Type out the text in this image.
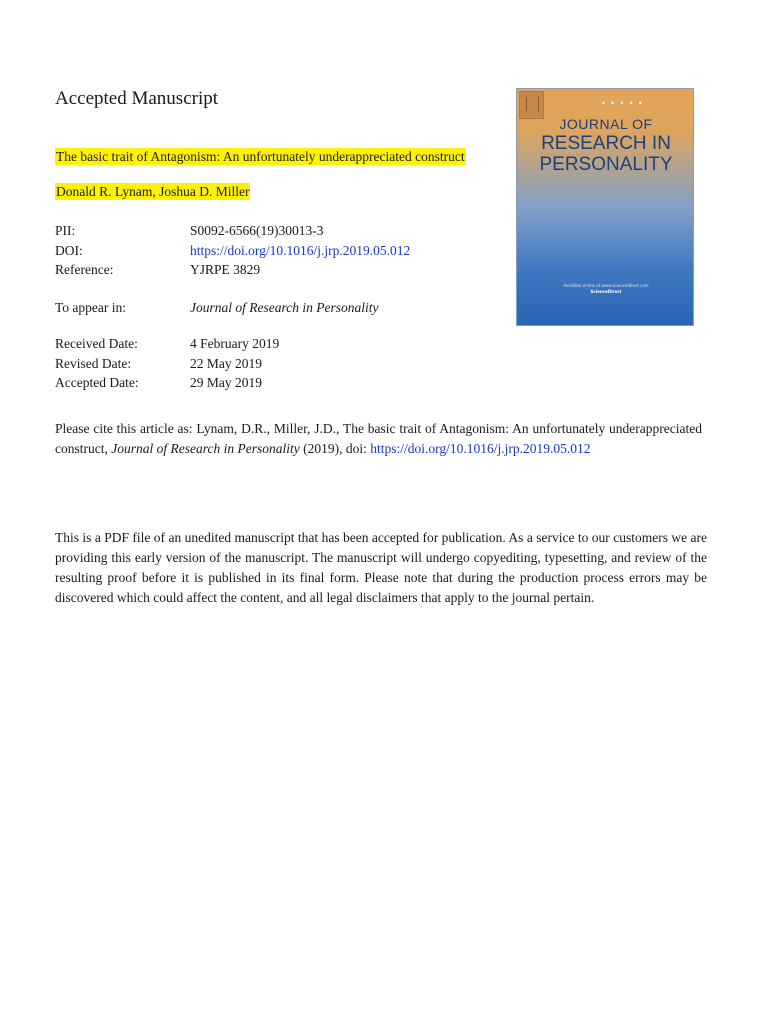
Accepted Manuscript
The basic trait of Antagonism: An unfortunately underappreciated construct
Donald R. Lynam, Joshua D. Miller
PII:	S0092-6566(19)30013-3
DOI:	https://doi.org/10.1016/j.jrp.2019.05.012
Reference:	YJRPE 3829
To appear in:	Journal of Research in Personality
Received Date:	4 February 2019
Revised Date:	22 May 2019
Accepted Date:	29 May 2019
Please cite this article as: Lynam, D.R., Miller, J.D., The basic trait of Antagonism: An unfortunately underappreciated construct, Journal of Research in Personality (2019), doi: https://doi.org/10.1016/j.jrp.2019.05.012
This is a PDF file of an unedited manuscript that has been accepted for publication. As a service to our customers we are providing this early version of the manuscript. The manuscript will undergo copyediting, typesetting, and review of the resulting proof before it is published in its final form. Please note that during the production process errors may be discovered which could affect the content, and all legal disclaimers that apply to the journal pertain.
• • • • •
JOURNAL OF
RESEARCH IN
PERSONALITY
Available online at www.sciencedirect.com
ScienceDirect
